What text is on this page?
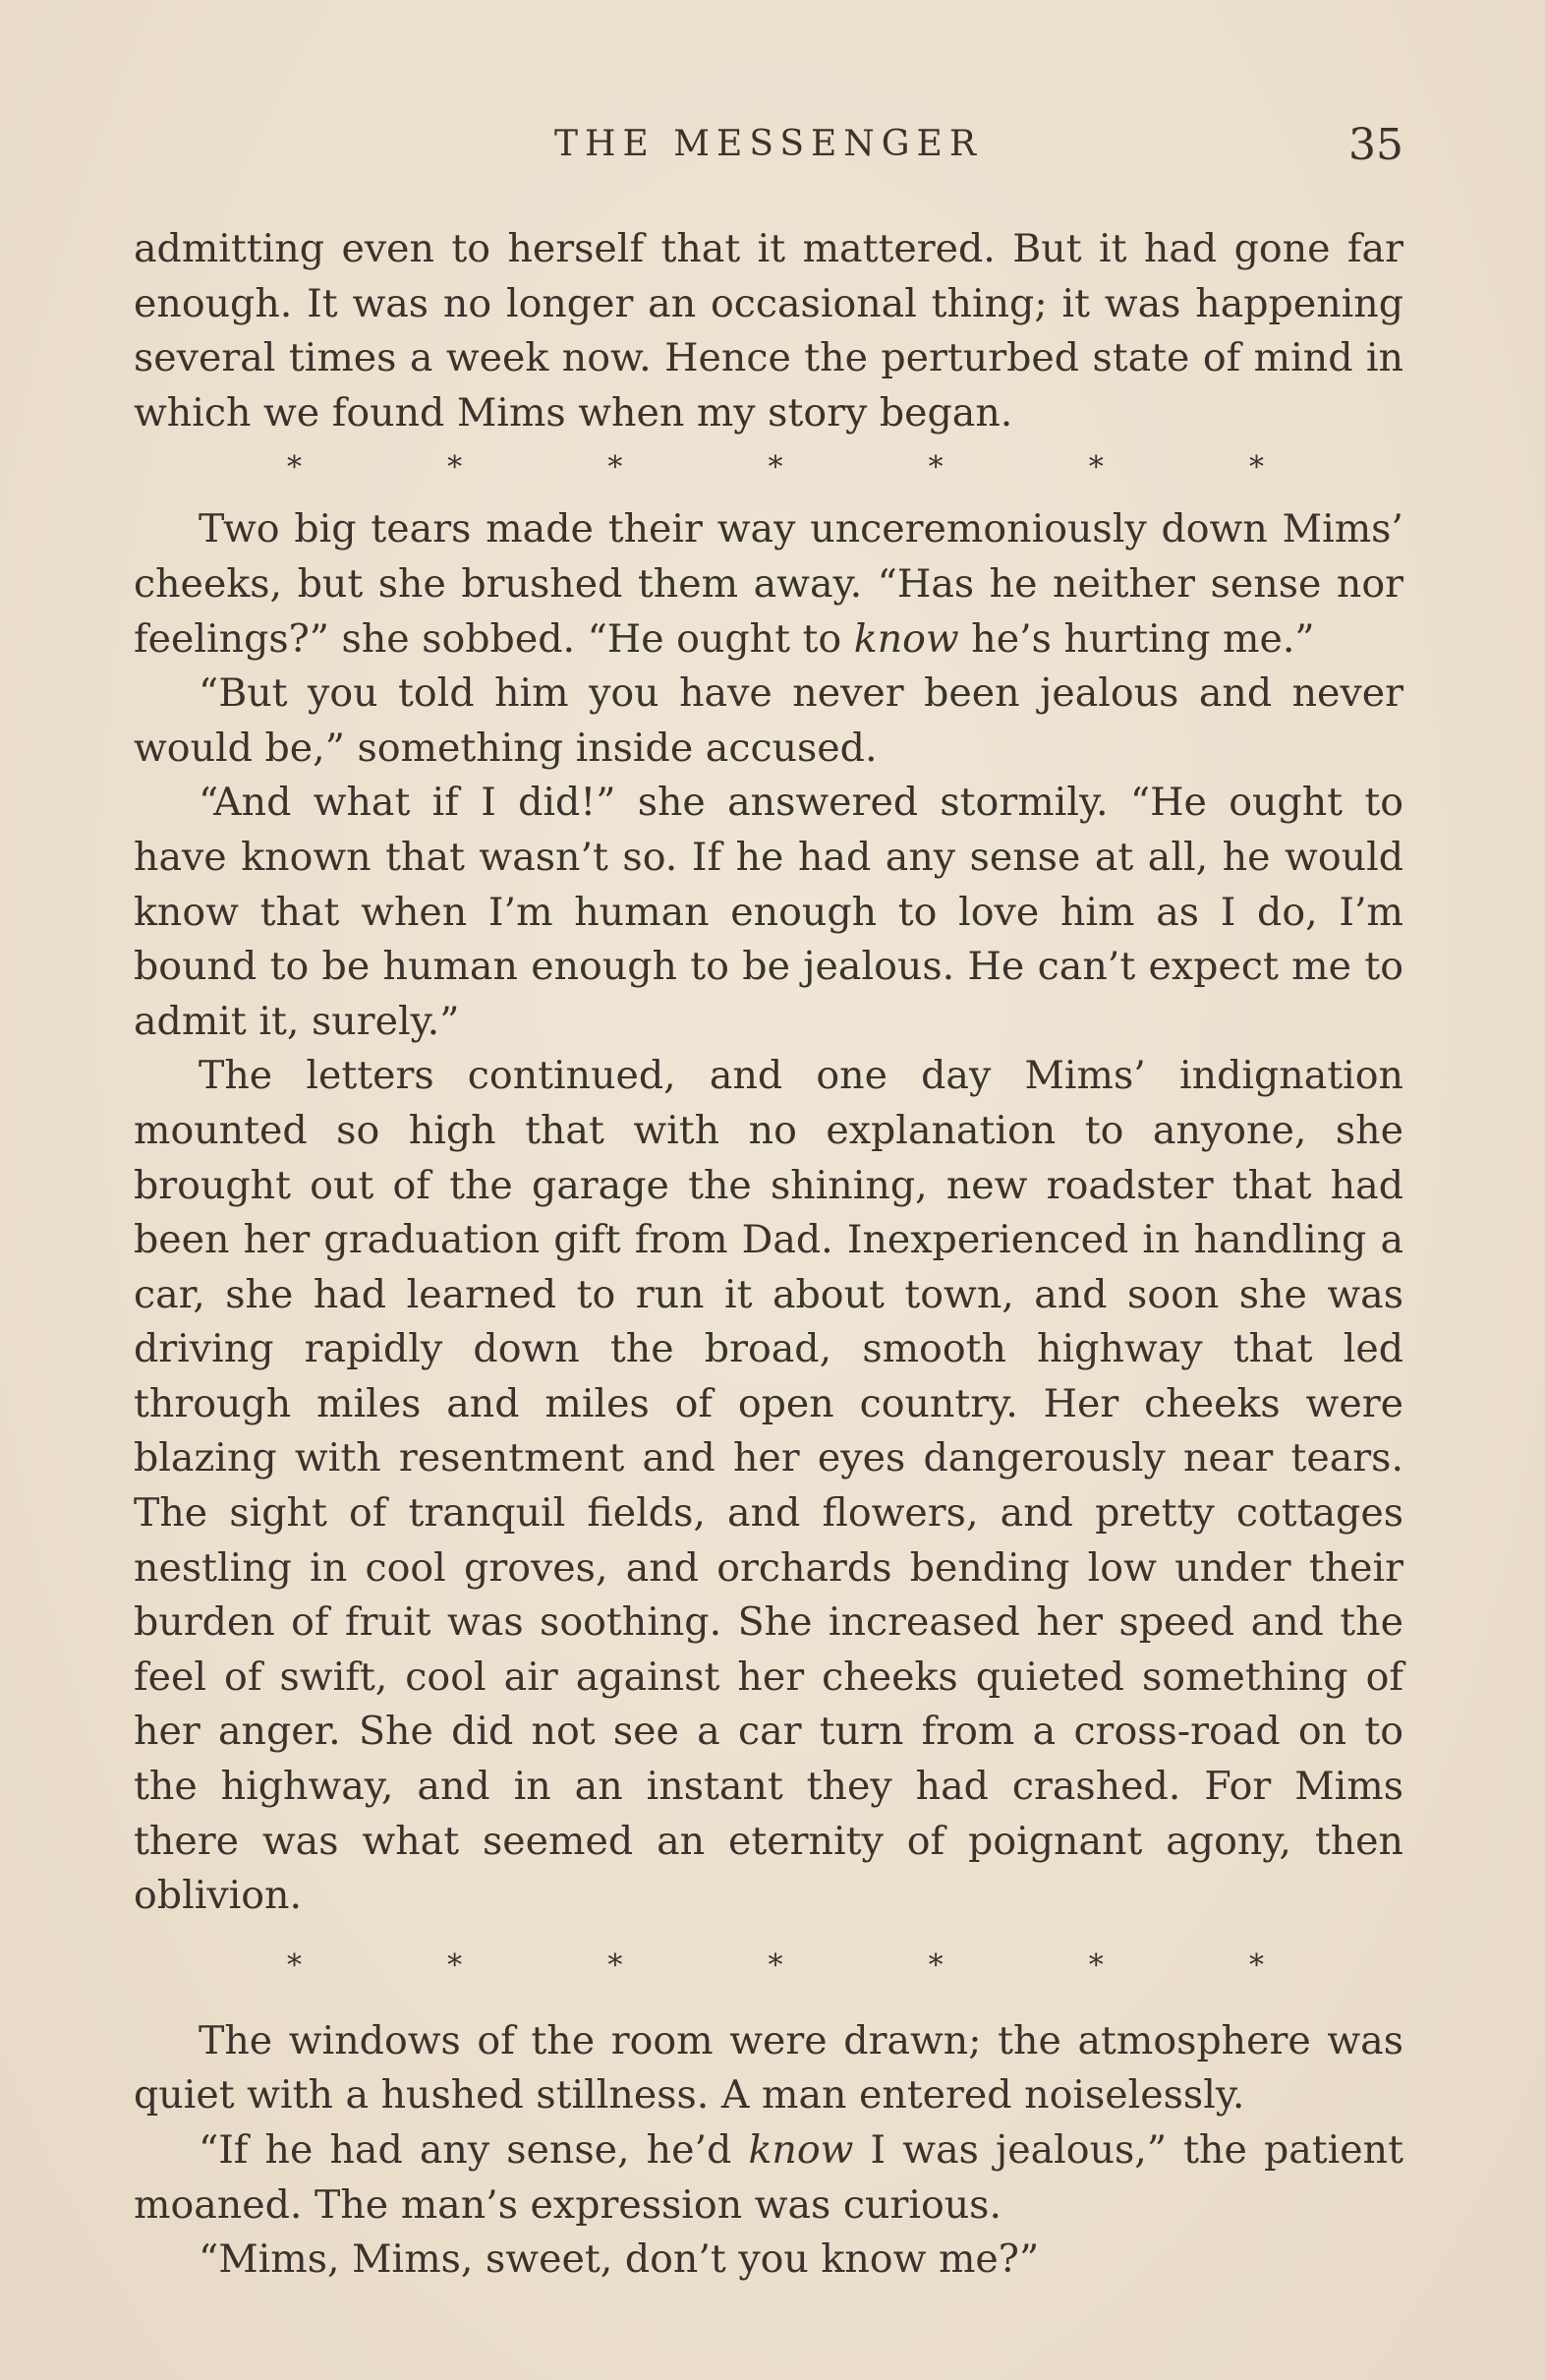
THE MESSENGER	35

admitting even to herself that it mattered. But it had gone far enough. It was no longer an occasional thing; it was happening several times a week now. Hence the perturbed state of mind in which we found Mims when my story began.

*	*	*	*	*	*	*

Two big tears made their way unceremoniously down Mims’ cheeks, but she brushed them away. “Has he neither sense nor feelings?” she sobbed. “He ought to know he’s hurting me.”

“But you told him you have never been jealous and never would be,” something inside accused.

“And what if I did!” she answered stormily. “He ought to have known that wasn’t so. If he had any sense at all, he would know that when I’m human enough to love him as I do, I’m bound to be human enough to be jealous. He can’t expect me to admit it, surely.”

The letters continued, and one day Mims’ indignation mounted so high that with no explanation to anyone, she brought out of the garage the shining, new roadster that had been her graduation gift from Dad. Inexperienced in handling a car, she had learned to run it about town, and soon she was driving rapidly down the broad, smooth highway that led through miles and miles of open country. Her cheeks were blazing with resentment and her eyes dangerously near tears. The sight of tranquil fields, and flowers, and pretty cottages nestling in cool groves, and orchards bending low under their burden of fruit was soothing. She increased her speed and the feel of swift, cool air against her cheeks quieted something of her anger. She did not see a car turn from a cross-road on to the highway, and in an instant they had crashed. For Mims there was what seemed an eternity of poignant agony, then oblivion.

*	*	*	*	*	*	*

The windows of the room were drawn; the atmosphere was quiet with a hushed stillness. A man entered noiselessly.

“If he had any sense, he’d know I was jealous,” the patient moaned. The man’s expression was curious.

“Mims, Mims, sweet, don’t you know me?”
